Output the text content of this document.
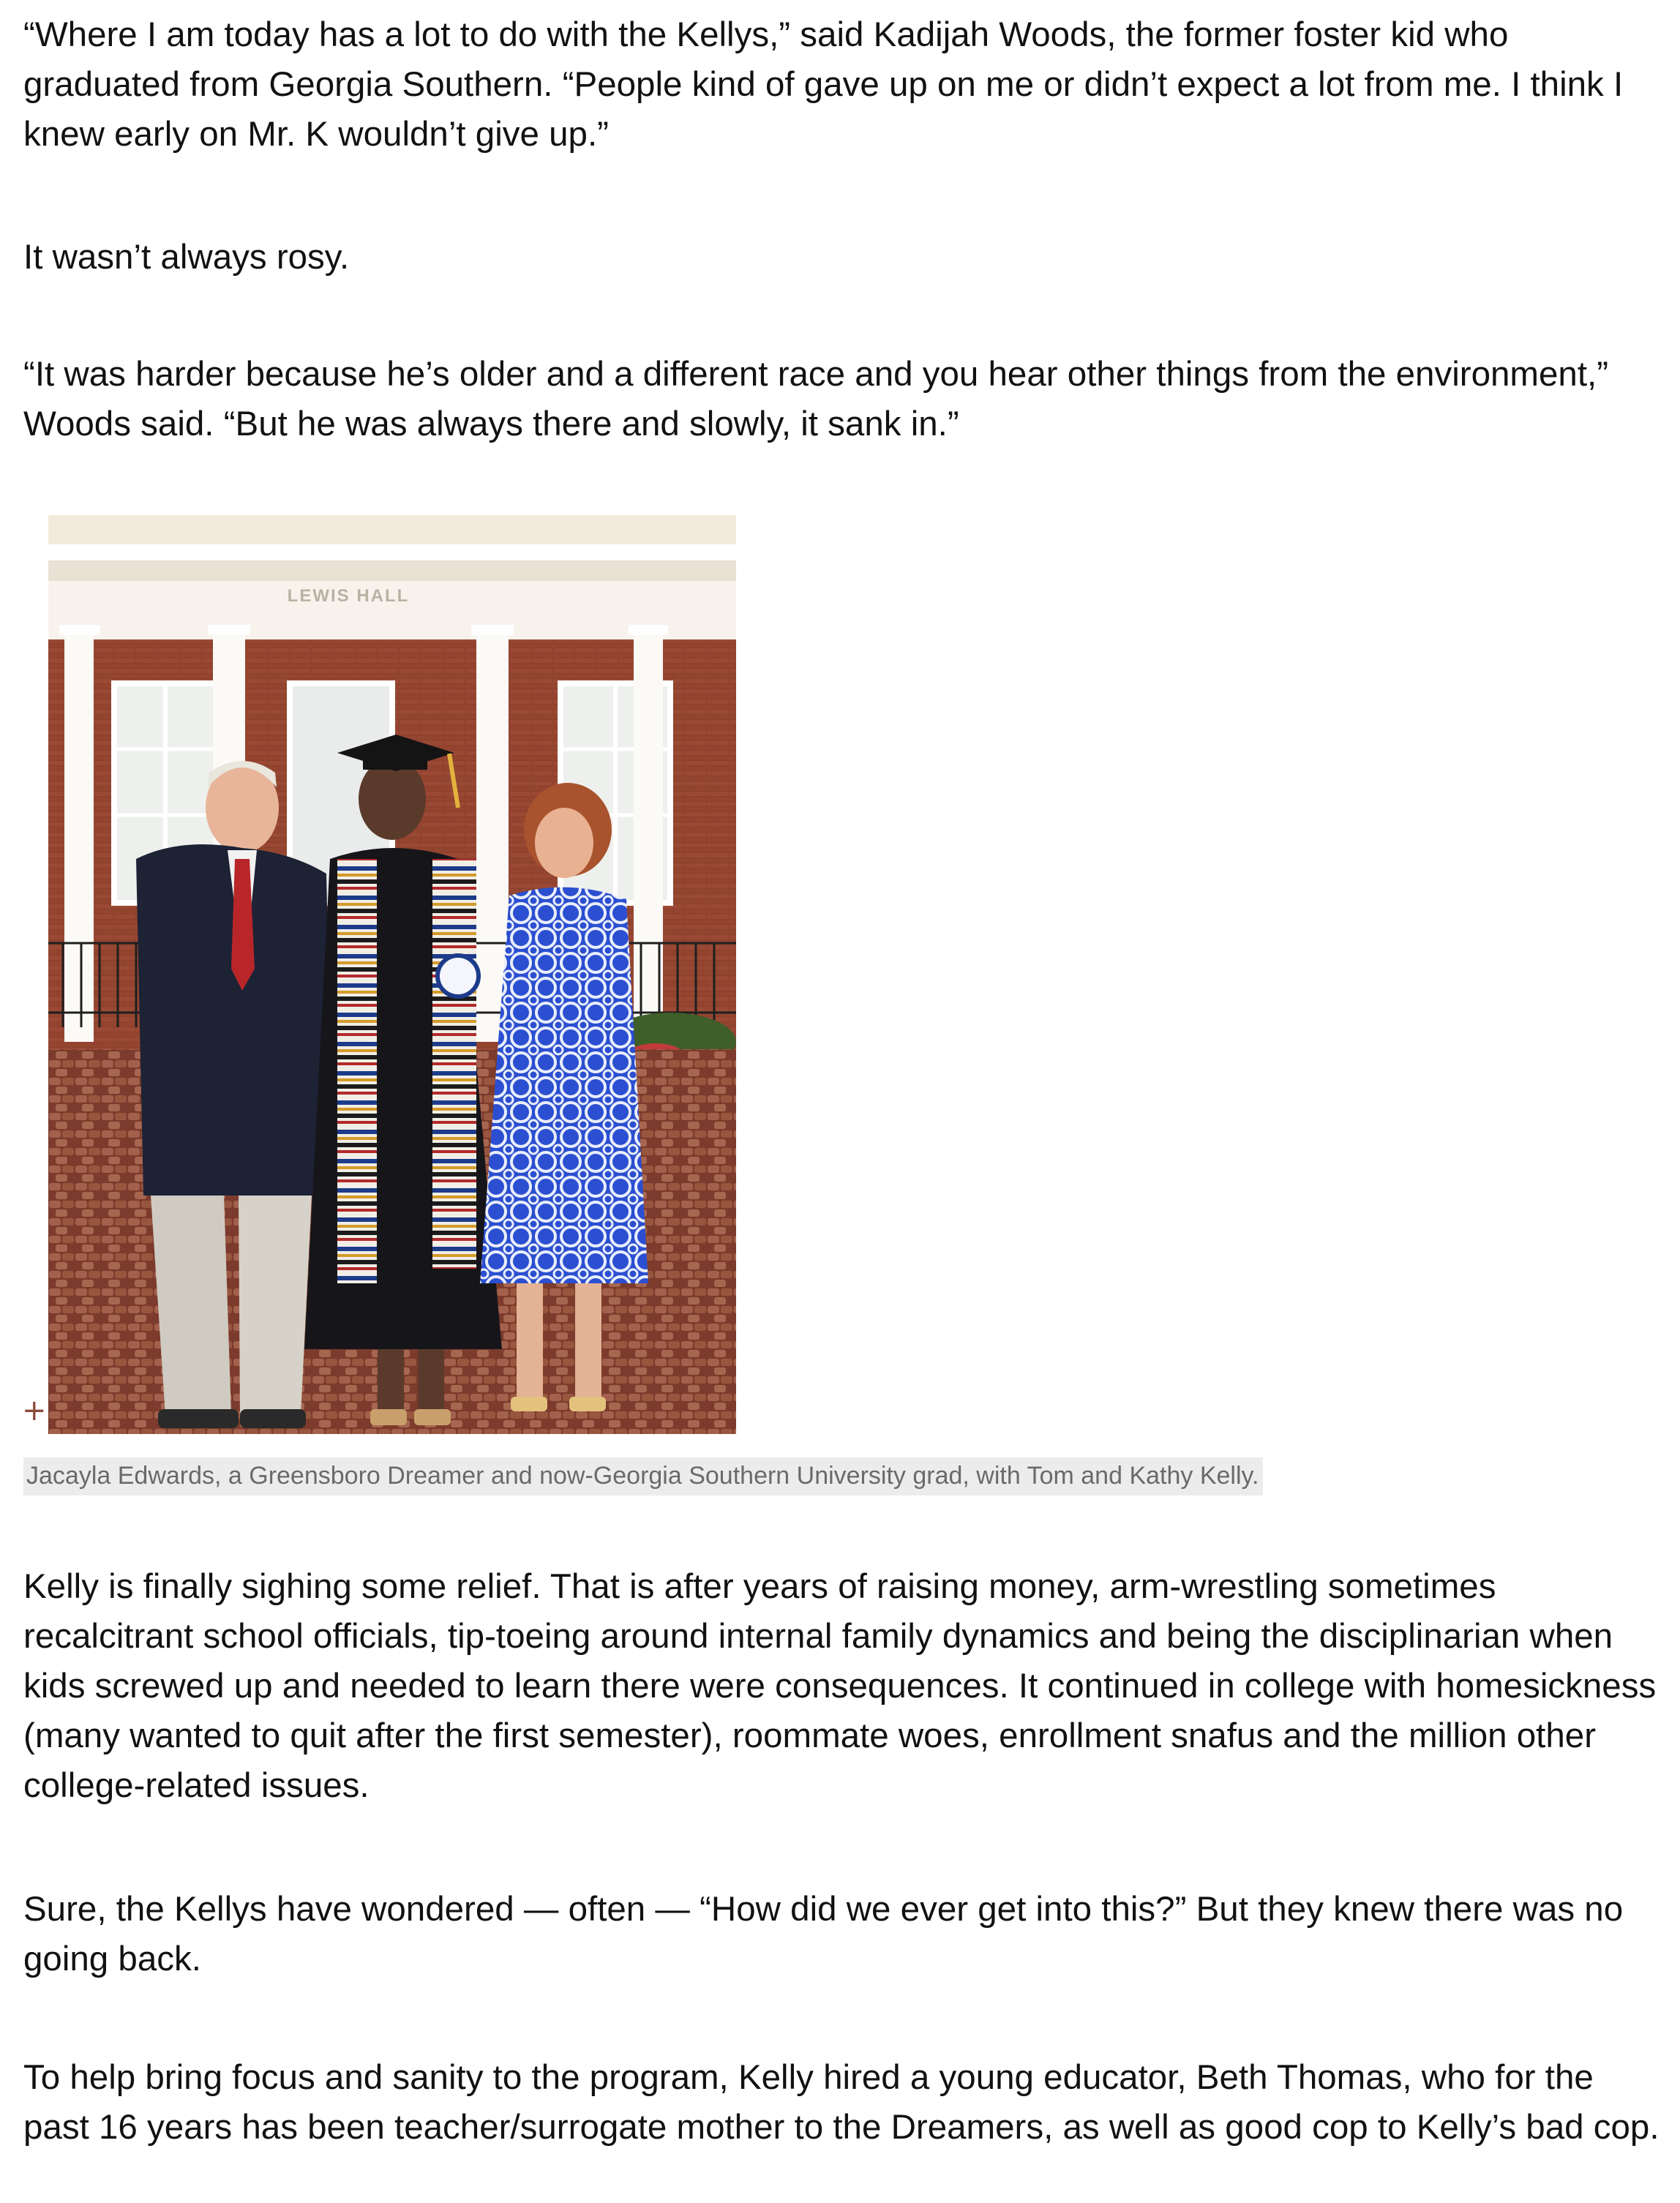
“Where I am today has a lot to do with the Kellys,” said Kadijah Woods, the former foster kid who graduated from Georgia Southern. “People kind of gave up on me or didn’t expect a lot from me. I think I knew early on Mr. K wouldn’t give up.”

It wasn’t always rosy.

“It was harder because he’s older and a different race and you hear other things from the environment,” Woods said. “But he was always there and slowly, it sank in.”

LEWIS HALL
+
Jacayla Edwards, a Greensboro Dreamer and now-Georgia Southern University grad, with Tom and Kathy Kelly.

Kelly is finally sighing some relief. That is after years of raising money, arm-wrestling sometimes recalcitrant school officials, tip-toeing around internal family dynamics and being the disciplinarian when kids screwed up and needed to learn there were consequences. It continued in college with homesickness (many wanted to quit after the first semester), roommate woes, enrollment snafus and the million other college-related issues.

Sure, the Kellys have wondered — often — “How did we ever get into this?” But they knew there was no going back.

To help bring focus and sanity to the program, Kelly hired a young educator, Beth Thomas, who for the past 16 years has been teacher/surrogate mother to the Dreamers, as well as good cop to Kelly’s bad cop.
